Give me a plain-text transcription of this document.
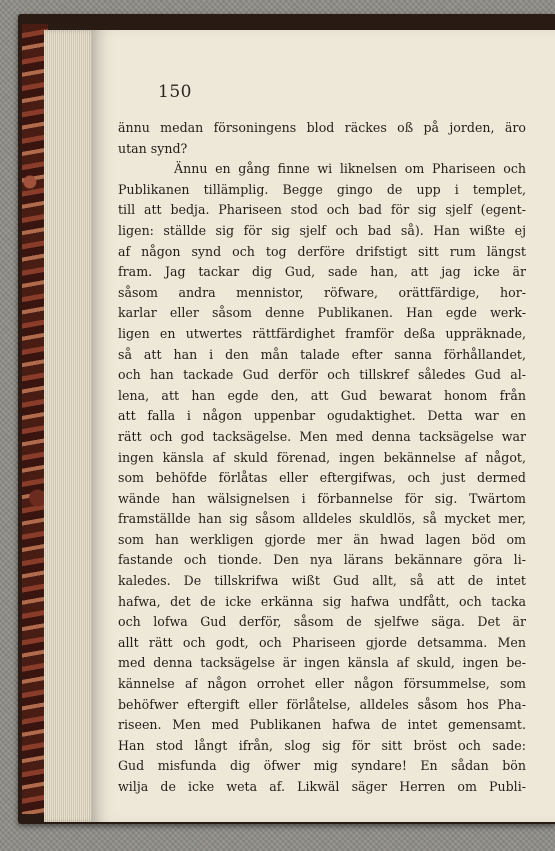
150
ännu medan försoningens blod räckes oß på jorden, äro
utan synd?
Ännu en gång finne wi liknelsen om Phariseen och
Publikanen tillämplig. Begge gingo de upp i templet,
till att bedja. Phariseen stod och bad för sig sjelf (egent-
ligen: ställde sig för sig sjelf och bad så). Han wißte ej
af någon synd och tog derföre drifstigt sitt rum längst
fram. Jag tackar dig Gud, sade han, att jag icke är
såsom andra mennistor, röfware, orättfärdige, hor-
karlar eller såsom denne Publikanen. Han egde werk-
ligen en utwertes rättfärdighet framför deßa uppräknade,
så att han i den mån talade efter sanna förhållandet,
och han tackade Gud derför och tillskref således Gud al-
lena, att han egde den, att Gud bewarat honom från
att falla i någon uppenbar ogudaktighet. Detta war en
rätt och god tacksägelse. Men med denna tacksägelse war
ingen känsla af skuld förenad, ingen bekännelse af något,
som behöfde förlåtas eller eftergifwas, och just dermed
wände han wälsignelsen i förbannelse för sig. Twärtom
framställde han sig såsom alldeles skuldlös, så mycket mer,
som han werkligen gjorde mer än hwad lagen böd om
fastande och tionde. Den nya lärans bekännare göra li-
kaledes. De tillskrifwa wißt Gud allt, så att de intet
hafwa, det de icke erkänna sig hafwa undfått, och tacka
och lofwa Gud derför, såsom de sjelfwe säga. Det är
allt rätt och godt, och Phariseen gjorde detsamma. Men
med denna tacksägelse är ingen känsla af skuld, ingen be-
kännelse af någon orrohet eller någon försummelse, som
behöfwer eftergift eller förlåtelse, alldeles såsom hos Pha-
riseen. Men med Publikanen hafwa de intet gemensamt.
Han stod långt ifrån, slog sig för sitt bröst och sade:
Gud misfunda dig öfwer mig syndare! En sådan bön
wilja de icke weta af. Likwäl säger Herren om Publi-
